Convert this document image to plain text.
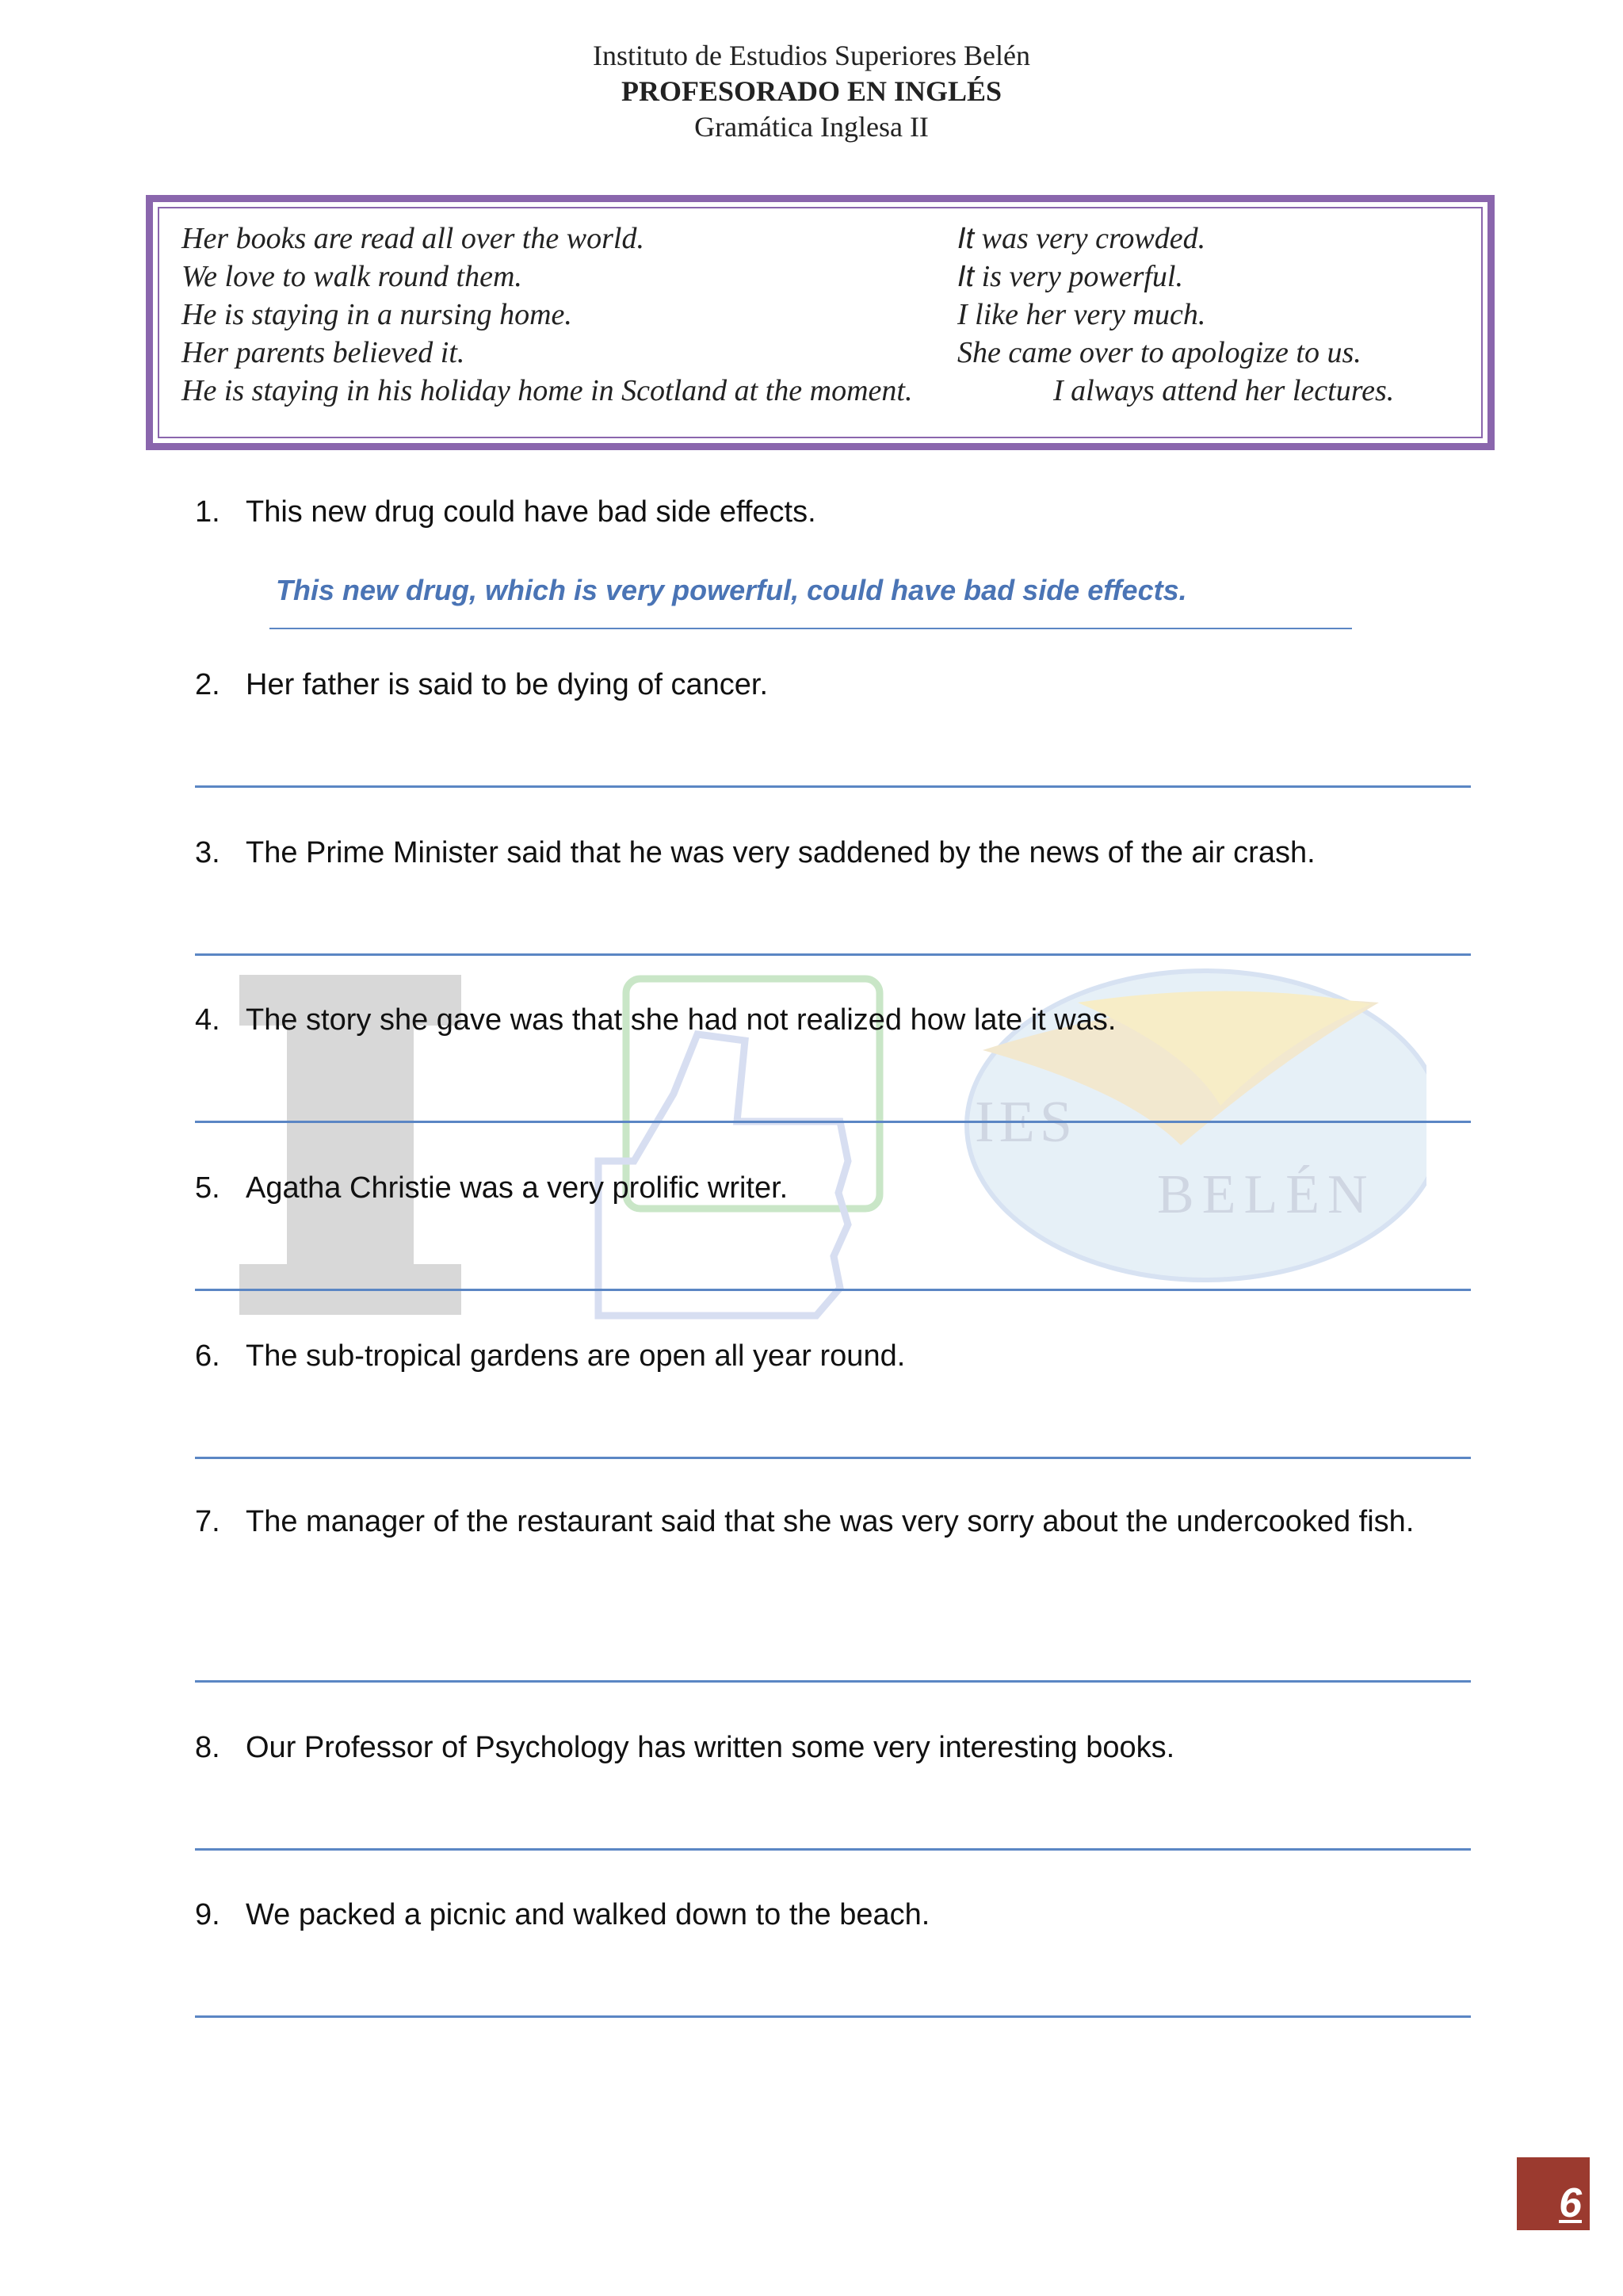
Instituto de Estudios Superiores Belén
PROFESORADO EN INGLÉS
Gramática Inglesa II
IES
BELÉN
Her books are read all over the world.
We love to walk round them.
He is staying in a nursing home.
Her parents believed it.
He is staying in his holiday home in Scotland at the moment.
It was very crowded.
It is very powerful.
I like her very much.
She came over to apologize to us.
I always attend her lectures.
1. This new drug could have bad side effects.
This new drug, which is very powerful, could have bad side effects.
2. Her father is said to be dying of cancer.
3. The Prime Minister said that he was very saddened by the news of the air crash.
4. The story she gave was that she had not realized how late it was.
5. Agatha Christie was a very prolific writer.
6. The sub-tropical gardens are open all year round.
7. The manager of the restaurant said that she was very sorry about the undercooked fish.
8. Our Professor of Psychology has written some very interesting books.
9. We packed a picnic and walked down to the beach.
6
